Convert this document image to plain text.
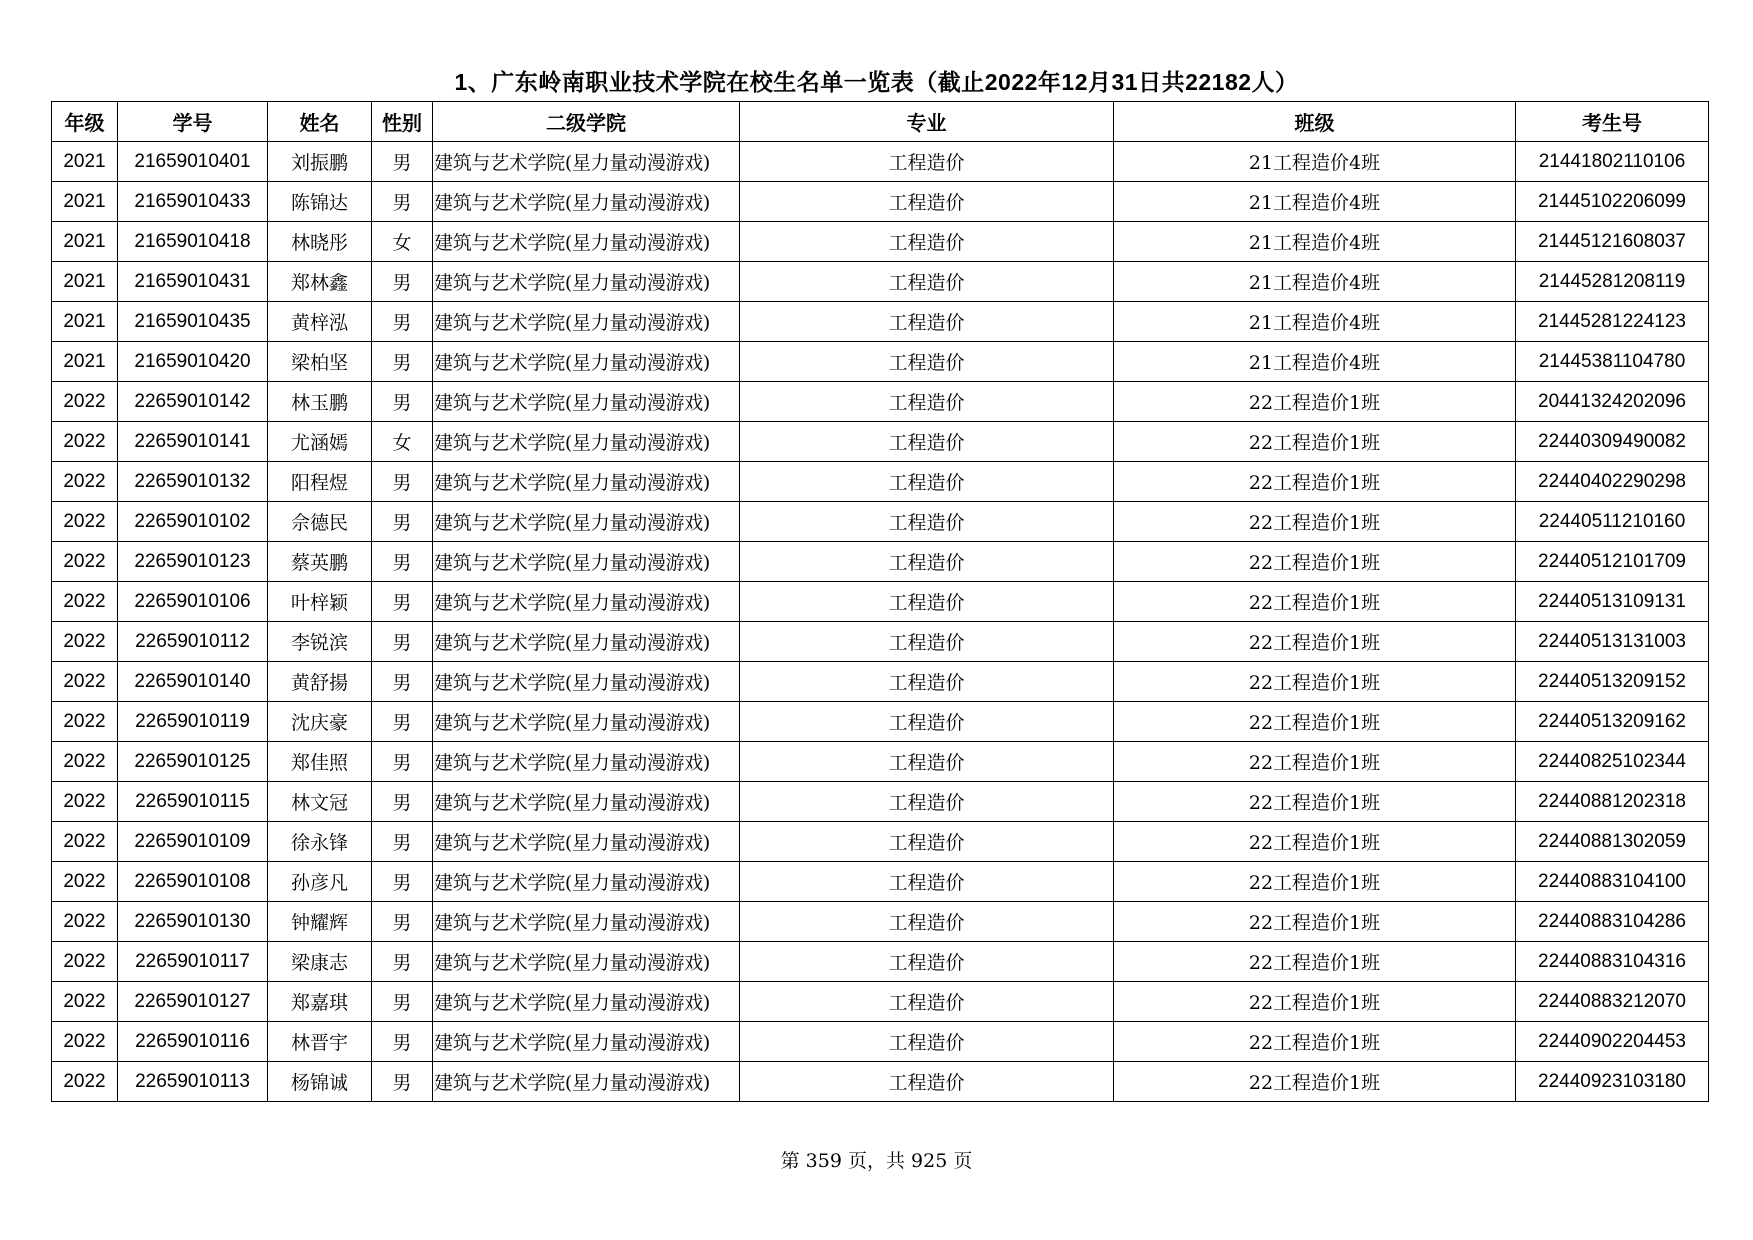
1、广东岭南职业技术学院在校生名单一览表（截止2022年12月31日共22182人）
年级	学号	姓名	性别	二级学院	专业	班级	考生号
2021	21659010401	刘振鹏	男	建筑与艺术学院(星力量动漫游戏)	工程造价	21工程造价4班	21441802110106
2021	21659010433	陈锦达	男	建筑与艺术学院(星力量动漫游戏)	工程造价	21工程造价4班	21445102206099
2021	21659010418	林晓彤	女	建筑与艺术学院(星力量动漫游戏)	工程造价	21工程造价4班	21445121608037
2021	21659010431	郑林鑫	男	建筑与艺术学院(星力量动漫游戏)	工程造价	21工程造价4班	21445281208119
2021	21659010435	黄梓泓	男	建筑与艺术学院(星力量动漫游戏)	工程造价	21工程造价4班	21445281224123
2021	21659010420	梁柏坚	男	建筑与艺术学院(星力量动漫游戏)	工程造价	21工程造价4班	21445381104780
2022	22659010142	林玉鹏	男	建筑与艺术学院(星力量动漫游戏)	工程造价	22工程造价1班	20441324202096
2022	22659010141	尤涵嫣	女	建筑与艺术学院(星力量动漫游戏)	工程造价	22工程造价1班	22440309490082
2022	22659010132	阳程煜	男	建筑与艺术学院(星力量动漫游戏)	工程造价	22工程造价1班	22440402290298
2022	22659010102	佘德民	男	建筑与艺术学院(星力量动漫游戏)	工程造价	22工程造价1班	22440511210160
2022	22659010123	蔡英鹏	男	建筑与艺术学院(星力量动漫游戏)	工程造价	22工程造价1班	22440512101709
2022	22659010106	叶梓颖	男	建筑与艺术学院(星力量动漫游戏)	工程造价	22工程造价1班	22440513109131
2022	22659010112	李锐滨	男	建筑与艺术学院(星力量动漫游戏)	工程造价	22工程造价1班	22440513131003
2022	22659010140	黄舒揚	男	建筑与艺术学院(星力量动漫游戏)	工程造价	22工程造价1班	22440513209152
2022	22659010119	沈庆豪	男	建筑与艺术学院(星力量动漫游戏)	工程造价	22工程造价1班	22440513209162
2022	22659010125	郑佳照	男	建筑与艺术学院(星力量动漫游戏)	工程造价	22工程造价1班	22440825102344
2022	22659010115	林文冠	男	建筑与艺术学院(星力量动漫游戏)	工程造价	22工程造价1班	22440881202318
2022	22659010109	徐永锋	男	建筑与艺术学院(星力量动漫游戏)	工程造价	22工程造价1班	22440881302059
2022	22659010108	孙彦凡	男	建筑与艺术学院(星力量动漫游戏)	工程造价	22工程造价1班	22440883104100
2022	22659010130	钟耀辉	男	建筑与艺术学院(星力量动漫游戏)	工程造价	22工程造价1班	22440883104286
2022	22659010117	梁康志	男	建筑与艺术学院(星力量动漫游戏)	工程造价	22工程造价1班	22440883104316
2022	22659010127	郑嘉琪	男	建筑与艺术学院(星力量动漫游戏)	工程造价	22工程造价1班	22440883212070
2022	22659010116	林晋宇	男	建筑与艺术学院(星力量动漫游戏)	工程造价	22工程造价1班	22440902204453
2022	22659010113	杨锦诚	男	建筑与艺术学院(星力量动漫游戏)	工程造价	22工程造价1班	22440923103180
第 359 页，共 925 页
